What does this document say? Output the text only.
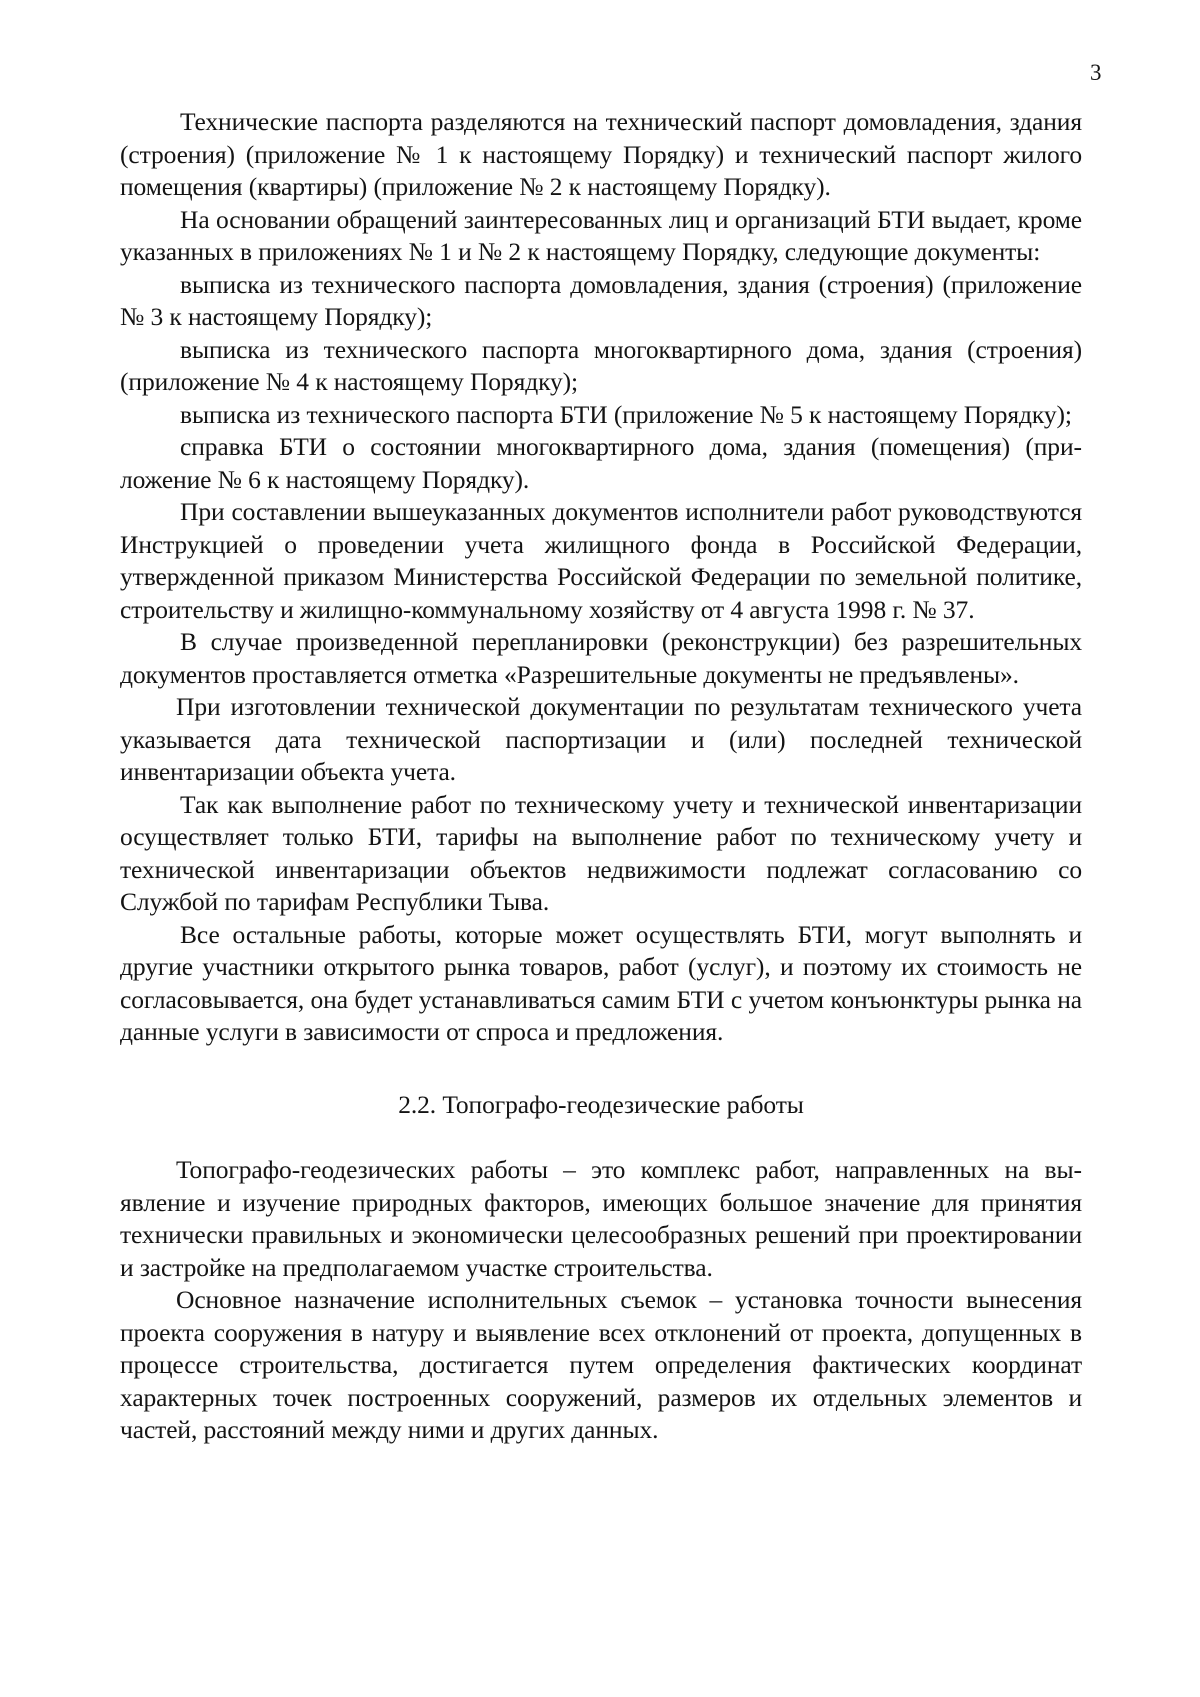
3

Технические паспорта разделяются на технический паспорт домовладения, здания (строения) (приложение № 1 к настоящему Порядку) и технический паспорт жилого помещения (квартиры) (приложение № 2 к настоящему Порядку).

На основании обращений заинтересованных лиц и организаций БТИ выдает, кроме указанных в приложениях № 1 и № 2 к настоящему Порядку, следующие документы:

выписка из технического паспорта домовладения, здания (строения) (приложение № 3 к настоящему Порядку);

выписка из технического паспорта многоквартирного дома, здания (строения) (приложение № 4 к настоящему Порядку);

выписка из технического паспорта БТИ (приложение № 5 к настоящему Порядку);

справка БТИ о состоянии многоквартирного дома, здания (помещения) (приложение № 6 к настоящему Порядку).

При составлении вышеуказанных документов исполнители работ руководствуются Инструкцией о проведении учета жилищного фонда в Российской Федерации, утвержденной приказом Министерства Российской Федерации по земельной политике, строительству и жилищно-коммунальному хозяйству от 4 августа 1998 г. № 37.

В случае произведенной перепланировки (реконструкции) без разрешительных документов проставляется отметка «Разрешительные документы не предъявлены».

При изготовлении технической документации по результатам технического учета указывается дата технической паспортизации и (или) последней технической инвентаризации объекта учета.

Так как выполнение работ по техническому учету и технической инвентаризации осуществляет только БТИ, тарифы на выполнение работ по техническому учету и технической инвентаризации объектов недвижимости подлежат согласованию со Службой по тарифам Республики Тыва.

Все остальные работы, которые может осуществлять БТИ, могут выполнять и другие участники открытого рынка товаров, работ (услуг), и поэтому их стоимость не согласовывается, она будет устанавливаться самим БТИ с учетом конъюнктуры рынка на данные услуги в зависимости от спроса и предложения.

2.2. Топографо-геодезические работы

Топографо-геодезических работы – это комплекс работ, направленных на выявление и изучение природных факторов, имеющих большое значение для принятия технически правильных и экономически целесообразных решений при проектировании и застройке на предполагаемом участке строительства.

Основное назначение исполнительных съемок – установка точности вынесения проекта сооружения в натуру и выявление всех отклонений от проекта, допущенных в процессе строительства, достигается путем определения фактических координат характерных точек построенных сооружений, размеров их отдельных элементов и частей, расстояний между ними и других данных.
